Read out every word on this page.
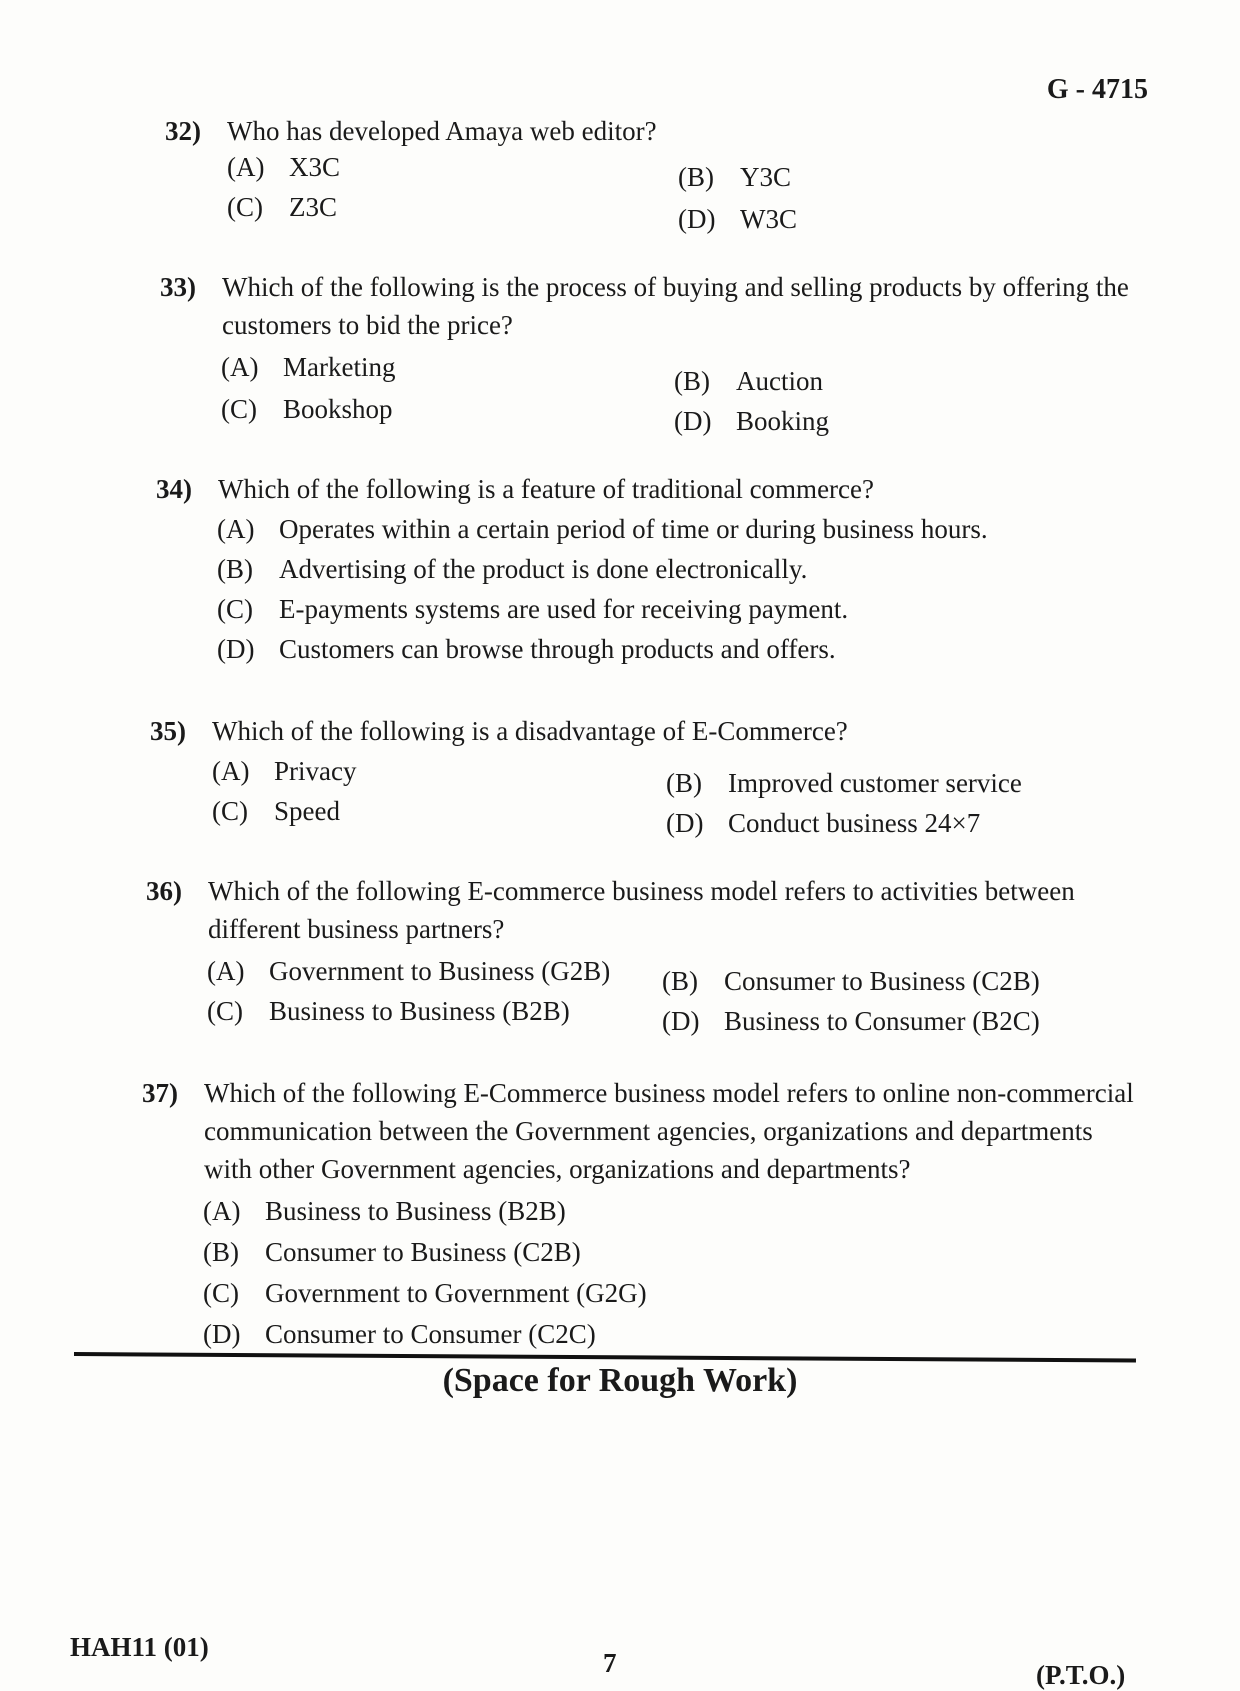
G - 4715
32) Who has developed Amaya web editor?
(A) X3C	(B) Y3C
(C) Z3C	(D) W3C
33) Which of the following is the process of buying and selling products by offering the customers to bid the price?
(A) Marketing	(B) Auction
(C) Bookshop	(D) Booking
34) Which of the following is a feature of traditional commerce?
(A) Operates within a certain period of time or during business hours.
(B) Advertising of the product is done electronically.
(C) E-payments systems are used for receiving payment.
(D) Customers can browse through products and offers.
35) Which of the following is a disadvantage of E-Commerce?
(A) Privacy	(B) Improved customer service
(C) Speed	(D) Conduct business 24×7
36) Which of the following E-commerce business model refers to activities between different business partners?
(A) Government to Business (G2B) (B) Consumer to Business (C2B)
(C) Business to Business (B2B)	(D) Business to Consumer (B2C)
37) Which of the following E-Commerce business model refers to online non-commercial communication between the Government agencies, organizations and departments with other Government agencies, organizations and departments?
(A) Business to Business (B2B)
(B) Consumer to Business (C2B)
(C) Government to Government (G2G)
(D) Consumer to Consumer (C2C)
(Space for Rough Work)
HAH11 (01)
7	(P.T.O.)
